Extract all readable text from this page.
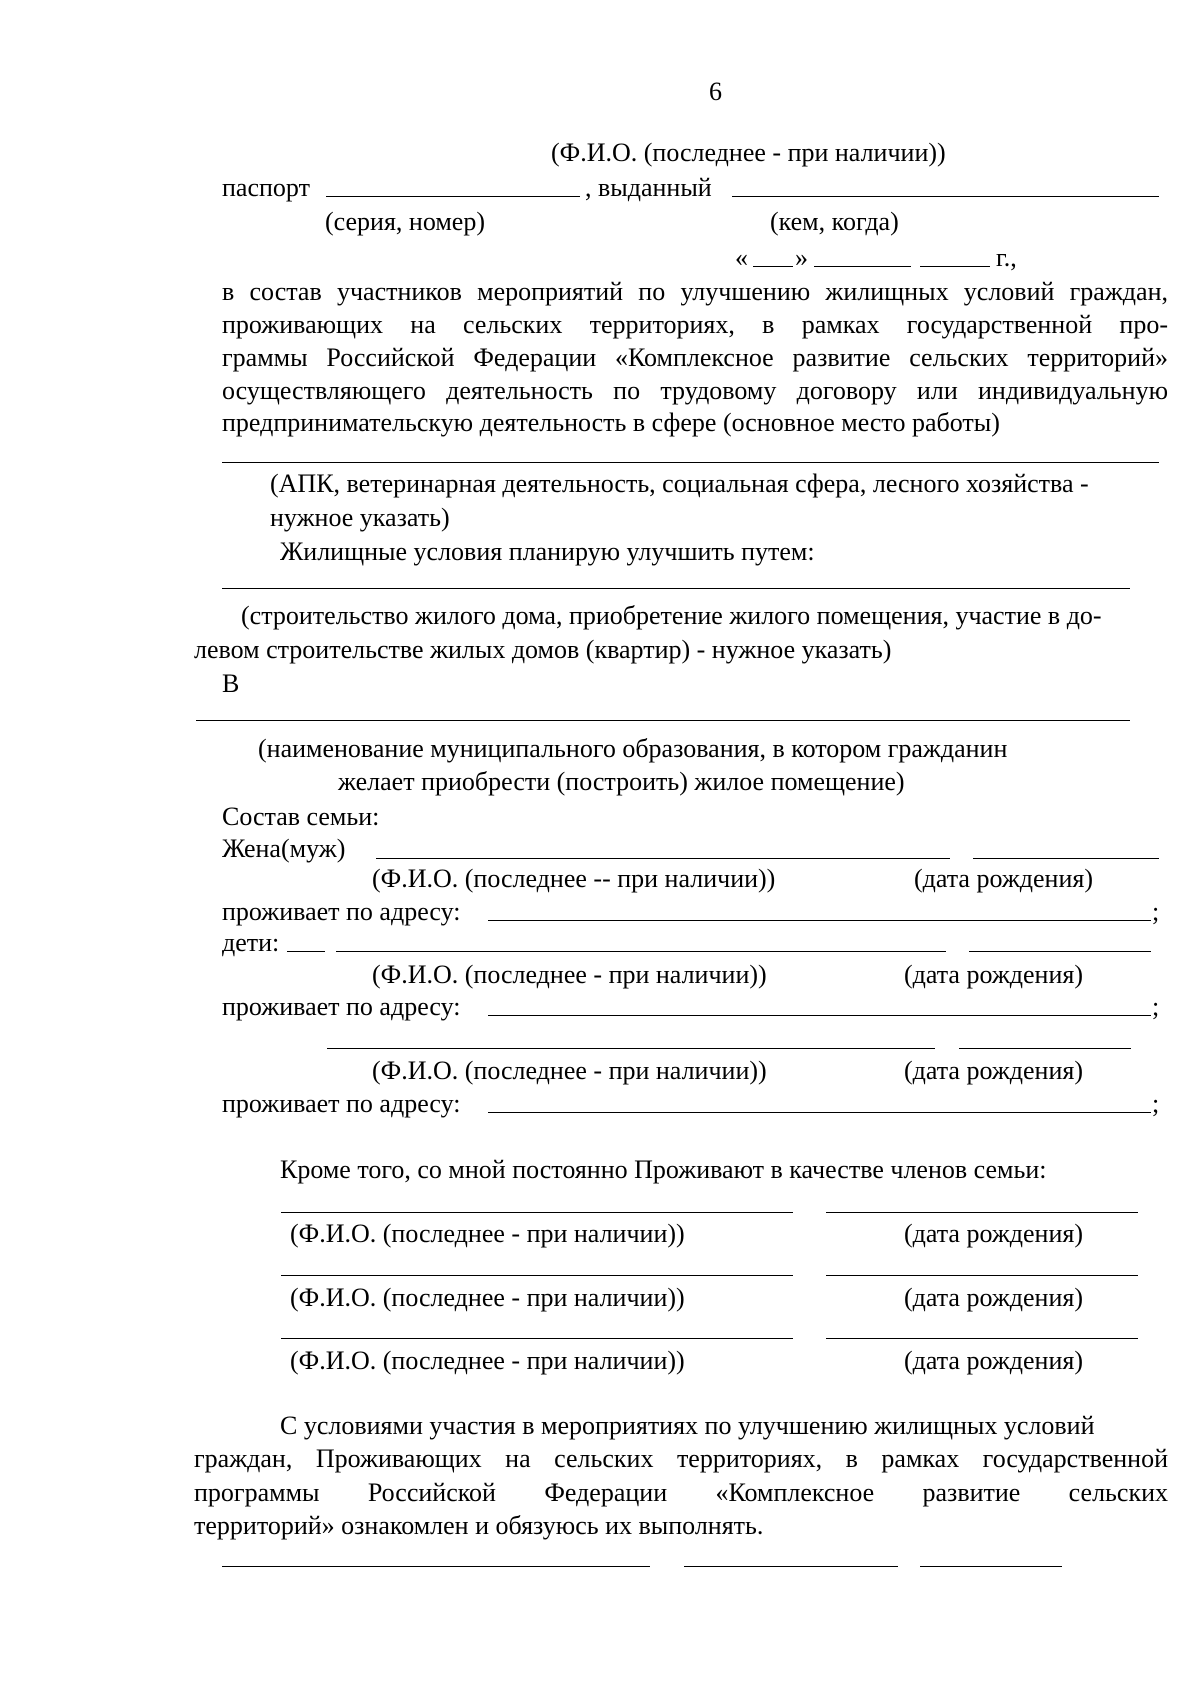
6
(Ф.И.О. (последнее - при наличии))
паспорт	, выданный
(серия, номер)	(кем, когда)
« »	г.,
в состав участников мероприятий по улучшению жилищных условий граждан,
проживающих на сельских территориях, в рамках государственной про-
граммы Российской Федерации «Комплексное развитие сельских территорий»
осуществляющего деятельность по трудовому договору или индивидуальную
предпринимательскую деятельность в сфере (основное место работы)
(АПК, ветеринарная деятельность, социальная сфера, лесного хозяйства -
нужное указать)
Жилищные условия планирую улучшить путем:
(строительство жилого дома, приобретение жилого помещения, участие в до-
левом строительстве жилых домов (квартир) - нужное указать)
В
(наименование муниципального образования, в котором гражданин
желает приобрести (построить) жилое помещение)
Состав семьи:
Жена(муж)
(Ф.И.О. (последнее -- при наличии))	(дата рождения)
проживает по адресу:	;
дети:
(Ф.И.О. (последнее - при наличии))	(дата рождения)
проживает по адресу:	;
(Ф.И.О. (последнее - при наличии))	(дата рождения)
проживает по адресу:	;
Кроме того, со мной постоянно Проживают в качестве членов семьи:
(Ф.И.О. (последнее - при наличии))	(дата рождения)
(Ф.И.О. (последнее - при наличии))	(дата рождения)
(Ф.И.О. (последнее - при наличии))	(дата рождения)
С условиями участия в мероприятиях по улучшению жилищных условий
граждан, Проживающих на сельских территориях, в рамках государственной
программы Российской Федерации «Комплексное развитие сельских
территорий» ознакомлен и обязуюсь их выполнять.
